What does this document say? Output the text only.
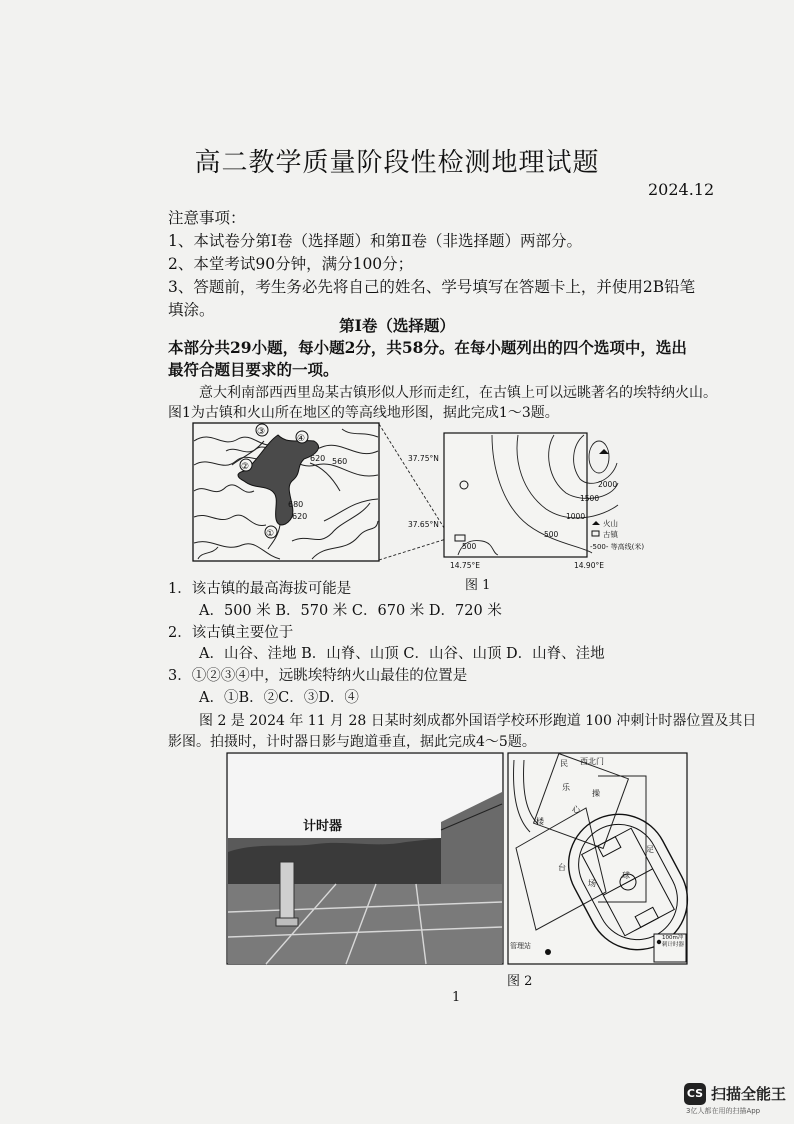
高二教学质量阶段性检测地理试题
2024.12
注意事项：
1、本试卷分第Ⅰ卷（选择题）和第Ⅱ卷（非选择题）两部分。
2、本堂考试90分钟，满分100分；
3、答题前，考生务必先将自己的姓名、学号填写在答题卡上，并使用2B铅笔
填涂。
第Ⅰ卷（选择题）
本部分共29小题，每小题2分，共58分。在每小题列出的四个选项中，选出
最符合题目要求的一项。
意大利南部西西里岛某古镇形似人形而走红，在古镇上可以远眺著名的埃特纳火山。
图1为古镇和火山所在地区的等高线地形图，据此完成1～3题。
③
④
②
①
620 560
680
620
37.75°N
37.65°N
14.75°E	14.90°E
2000
1500
1000
500
500
火山
古镇
-500- 等高线(米)
图 1
1．该古镇的最高海拔可能是
A．500 米 B．570 米 C．670 米 D．720 米
2．该古镇主要位于
A．山谷、洼地 B．山脊、山顶 C．山谷、山顶 D．山脊、洼地
3．①②③④中，远眺埃特纳火山最佳的位置是
A．①B．②C．③D．④
图 2 是 2024 年 11 月 28 日某时刻成都外国语学校环形跑道 100 冲刺计时器位置及其日
影图。拍摄时，计时器日影与跑道垂直，据此完成4～5题。
计时器
西北门
民
乐
楼
心
台
操
场
足
球
管理站
100m冲刺计时器
图 2
1
CS 扫描全能王
3亿人都在用的扫描App
